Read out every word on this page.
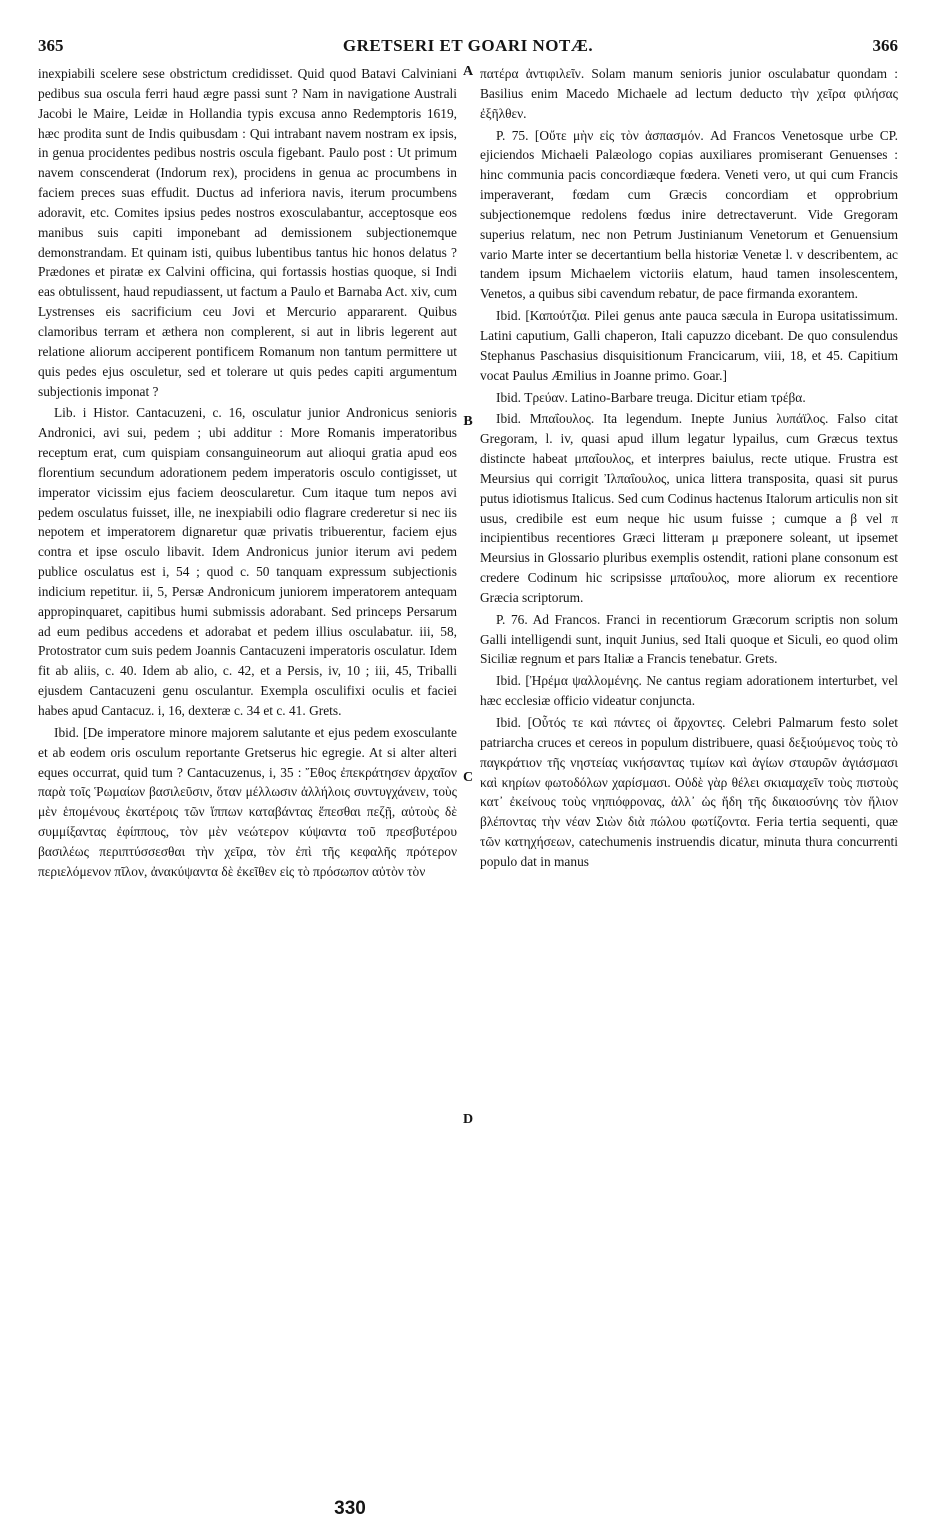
365	GRETSERI ET GOARI NOTÆ.	366

inexpiabili scelere sese obstrictum credidisset. Quid quod Batavi Calviniani pedibus sua oscula ferri haud ægre passi sunt ? Nam in navigatione Australi Jacobi le Maire, Leidæ in Hollandia typis excusa anno Redemptoris 1619, hæc prodita sunt de Indis quibusdam : Qui intrabant navem nostram ex ipsis, in genua procidentes pedibus nostris oscula figebant. Paulo post : Ut primum navem conscenderat (Indorum rex), procidens in genua ac procumbens in faciem preces suas effudit. Ductus ad inferiora navis, iterum procumbens adoravit, etc. Comites ipsius pedes nostros exosculabantur, acceptosque eos manibus suis capiti imponebant ad demissionem subjectionemque demonstrandam. Et quinam isti, quibus lubentibus tantus hic honos delatus ? Prædones et piratæ ex Calvini officina, qui fortassis hostias quoque, si Indi eas obtulissent, haud repudiassent, ut factum a Paulo et Barnaba Act. xiv, cum Lystrenses eis sacrificium ceu Jovi et Mercurio appararent. Quibus clamoribus terram et æthera non complerent, si aut in libris legerent aut relatione aliorum acciperent pontificem Romanum non tantum permittere ut quis pedes ejus osculetur, sed et tolerare ut quis pedes capiti argumentum subjectionis imponat ?

Lib. i Histor. Cantacuzeni, c. 16, osculatur junior Andronicus senioris Andronici, avi sui, pedem ; ubi additur : More Romanis imperatoribus receptum erat, cum quispiam consanguineorum aut alioqui gratia apud eos florentium secundum adorationem pedem imperatoris osculo contigisset, ut imperator vicissim ejus faciem deoscularetur. Cum itaque tum nepos avi pedem osculatus fuisset, ille, ne inexpiabili odio flagrare crederetur si nec iis nepotem et imperatorem dignaretur quæ privatis tribuerentur, faciem ejus contra et ipse osculo libavit. Idem Andronicus junior iterum avi pedem publice osculatus est i, 54 ; quod c. 50 tanquam expressum subjectionis indicium repetitur. ii, 5, Persæ Andronicum juniorem imperatorem antequam appropinquaret, capitibus humi submissis adorabant. Sed princeps Persarum ad eum pedibus accedens et adorabat et pedem illius osculabatur. iii, 58, Protostrator cum suis pedem Joannis Cantacuzeni imperatoris osculatur. Idem fit ab aliis, c. 40. Idem ab alio, c. 42, et a Persis, iv, 10 ; iii, 45, Triballi ejusdem Cantacuzeni genu osculantur. Exempla osculifixi oculis et faciei habes apud Cantacuz. i, 16, dexteræ c. 34 et c. 41. Grets.

Ibid. [De imperatore minore majorem salutante et ejus pedem exosculante et ab eodem oris osculum reportante Gretserus hic egregie. At si alter alteri eques occurrat, quid tum ? Cantacuzenus, i, 35 : Ἔθος ἐπεκράτησεν ἀρχαῖον παρὰ τοῖς Ῥωμαίων βασιλεῦσιν, ὅταν μέλλωσιν ἀλλήλοις συντυγχάνειν, τοὺς μὲν ἑπομένους ἑκατέροις τῶν ἵππων καταβάντας ἕπεσθαι πεζῇ, αὐτοὺς δὲ συμμίξαντας ἐφίππους, τὸν μὲν νεώτερον κύψαντα τοῦ πρεσβυτέρου βασιλέως περιπτύσσεσθαι τὴν χεῖρα, τὸν ἐπὶ τῆς κεφαλῆς πρότερον περιελόμενον πῖλον, ἀνακύψαντα δὲ ἐκεῖθεν εἰς τὸ πρόσωπον αὐτὸν τὸν

A
B
C
D
330

πατέρα ἀντιφιλεῖν. Solam manum senioris junior osculabatur quondam : Basilius enim Macedo Michaele ad lectum deducto τὴν χεῖρα φιλήσας ἐξῆλθεν.

P. 75. [Οὔτε μὴν εἰς τὸν ἀσπασμόν. Ad Francos Venetosque urbe CP. ejiciendos Michaeli Palæologo copias auxiliares promiserant Genuenses : hinc communia pacis concordiæque fœdera. Veneti vero, ut qui cum Francis imperaverant, fœdam cum Græcis concordiam et opprobrium subjectionemque redolens fœdus inire detrectaverunt. Vide Gregoram superius relatum, nec non Petrum Justinianum Venetorum et Genuensium vario Marte inter se decertantium bella historiæ Venetæ l. v describentem, ac tandem ipsum Michaelem victoriis elatum, haud tamen insolescentem, Venetos, a quibus sibi cavendum rebatur, de pace firmanda exorantem.

Ibid. [Καπούτζια. Pilei genus ante pauca sæcula in Europa usitatissimum. Latini caputium, Galli chaperon, Itali capuzzo dicebant. De quo consulendus Stephanus Paschasius disquisitionum Francicarum, viii, 18, et 45. Capitium vocat Paulus Æmilius in Joanne primo. Goar.]

Ibid. Τρεύαν. Latino-Barbare treuga. Dicitur etiam τρέβα.

Ibid. Μπαΐουλος. Ita legendum. Inepte Junius λυπάϊλος. Falso citat Gregoram, l. iv, quasi apud illum legatur lypailus, cum Græcus textus distincte habeat μπαΐουλος, et interpres baiulus, recte utique. Frustra est Meursius qui corrigit Ἰλπαΐουλος, unica littera transposita, quasi sit purus putus idiotismus Italicus. Sed cum Codinus hactenus Italorum articulis non sit usus, credibile est eum neque hic usum fuisse ; cumque a β vel π incipientibus recentiores Græci litteram μ præponere soleant, ut ipsemet Meursius in Glossario pluribus exemplis ostendit, rationi plane consonum est credere Codinum hic scripsisse μπαΐουλος, more aliorum ex recentiore Græcia scriptorum.

P. 76. Ad Francos. Franci in recentiorum Græcorum scriptis non solum Galli intelligendi sunt, inquit Junius, sed Itali quoque et Siculi, eo quod olim Siciliæ regnum et pars Italiæ a Francis tenebatur. Grets.

Ibid. [Ἠρέμα ψαλλομένης. Ne cantus regiam adorationem interturbet, vel hæc ecclesiæ officio videatur conjuncta.

Ibid. [Οὗτός τε καὶ πάντες οἱ ἄρχοντες. Celebri Palmarum festo solet patriarcha cruces et cereos in populum distribuere, quasi δεξιούμενος τοὺς τὸ παγκράτιον τῆς νηστείας νικήσαντας τιμίων καὶ ἁγίων σταυρῶν ἁγιάσμασι καὶ κηρίων φωτοδόλων χαρίσμασι. Οὐδὲ γὰρ θέλει σκιαμαχεῖν τοὺς πιστοὺς κατ᾽ ἐκείνους τοὺς νηπιόφρονας, ἀλλ᾽ ὡς ἤδη τῆς δικαιοσύνης τὸν ἥλιον βλέποντας τὴν νέαν Σιὼν διὰ πώλου φωτίζοντα. Feria tertia sequenti, quæ τῶν κατηχήσεων, catechumenis instruendis dicatur, minuta thura concurrenti populo dat in manus
